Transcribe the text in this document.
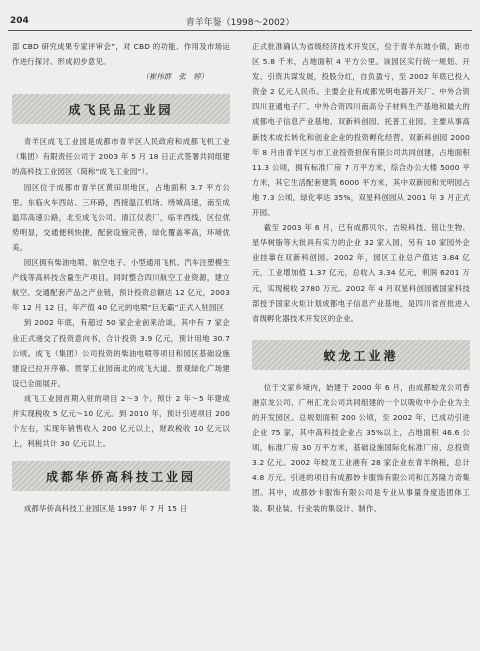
204	青羊年鉴（1998～2002）

部 CBD 研究成果专家评审会”，对 CBD 的功能、作用及市场运作进行探讨、形成初步意见。

（崔伟群　张　婷）

成飞民品工业园

青羊区成飞工业园是成都市青羊区人民政府和成都飞机工业（集团）有限责任公司于 2003 年 5 月 18 日正式签署共同组建的高科技工业园区（简称“成飞工业园”）。

园区位于成都市青羊区黄田坝地区，占地面积 3.7 平方公里。东临火车西站、三环路，西接温江机场、绕城高速，南至成温邛高速公路，北至成飞公司、清江仪表厂，临羊西线，区位优势明显，交通便利快捷，配套设施完善，绿化覆盖率高，环境优美。

园区拥有柴油电喷、航空电子、小型通用飞机、汽车注塑模生产线等高科技含量生产项目。同时整合四川航空工业资源，建立航空、交通配套产品之产业链，预计投资总额达 12 亿元，2003 年 12 月 12 日，年产值 40 亿元的电喷“巨无霸”正式入驻园区

到 2002 年底，有超过 50 家企业前来洽谈，其中有 7 家企业正式递交了投资意向书，合计投资 3.9 亿元，预计用地 30.7 公顷。成飞（集团）公司投资的柴油电喷等项目和园区基础设施建设已拉开序幕。贯穿工业园南北的成飞大道、景观绿化广场建设已全面展开。

成飞工业园首期入驻的项目 2～3 个。预计 2 年～5 年建成并实现税收 5 亿元～10 亿元。到 2010 年，预计引进项目 200 个左右，实现年销售收入 200 亿元以上，财政税收 10 亿元以上，利税共计 30 亿元以上。

成都华侨高科技工业园

成都华侨高科技工业园区是 1997 年 7 月 15 日

正式批准确认为省级经济技术开发区，位于青羊东坡小镇，距市区 5.8 千米，占地面积 4 平方公里。该园区实行统一规划、开发、引资共谋发展，投股分红，自负盈亏，至 2002 年底已投入资金 2 亿元人民币。主要企业有成都光明电器开关厂、中外合资四川亚通电子厂、中外合资四川南高分子材料生产基地和最大的成都电子信息产业基地、双新科创园、托普工业园。主要从事高新技术成长转化和创业企业的投资孵化经营。双新科创园 2000 年 8 月由青羊区与市工业投资担保有限公司共同创建，占地面积 11.3 公顷，拥有标准厂房 7 万平方米，综合办公大楼 5000 平方米，其它生活配套建筑 6000 平方米，其中双新园和光明园占地 7.3 公顷，绿化率达 35%，双星科创园从 2001 年 3 月正式开园。

截至 2003 年 6 月，已有成都贝尔、吉锐科技、铭让生物、星华树脂等大批具有实力的企业 32 家入园，另有 10 家园外企业挂靠在双新科创园。2002 年，园区工业总产值达 3.84 亿元，工业增加值 1.37 亿元，总收入 3.34 亿元，利润 6201 万元，实现税收 2780 万元。2002 年 4 月双星科创园被国家科技部授予国家火炬计划成都电子信息产业基地，是四川省首批进入省级孵化器技术开发区的企业。

蛟龙工业港

位于文家乡境内，始建于 2000 年 6 月，由成都蛟龙公司香港京龙公司、广州汇龙公司共同组建的一个以吸收中小企业为主的开发园区。总规划面积 200 公顷，至 2002 年，已成功引进企业 75 家，其中高科技企业占 35%以上，占地面积 46.6 公顷，标准厂房 30 万平方米，基础设施国际化标准厂房，总投资 3.2 亿元。2002 年蛟龙工业港有 28 家企业在青羊纳税，总计 4.8 万元。引进的项目有成都妙卡服饰有限公司和江苏隆力奇集团。其中，成都妙卡服饰有限公司是专业从事量身度造团体工装、职业装、行业装的集设计、制作、
